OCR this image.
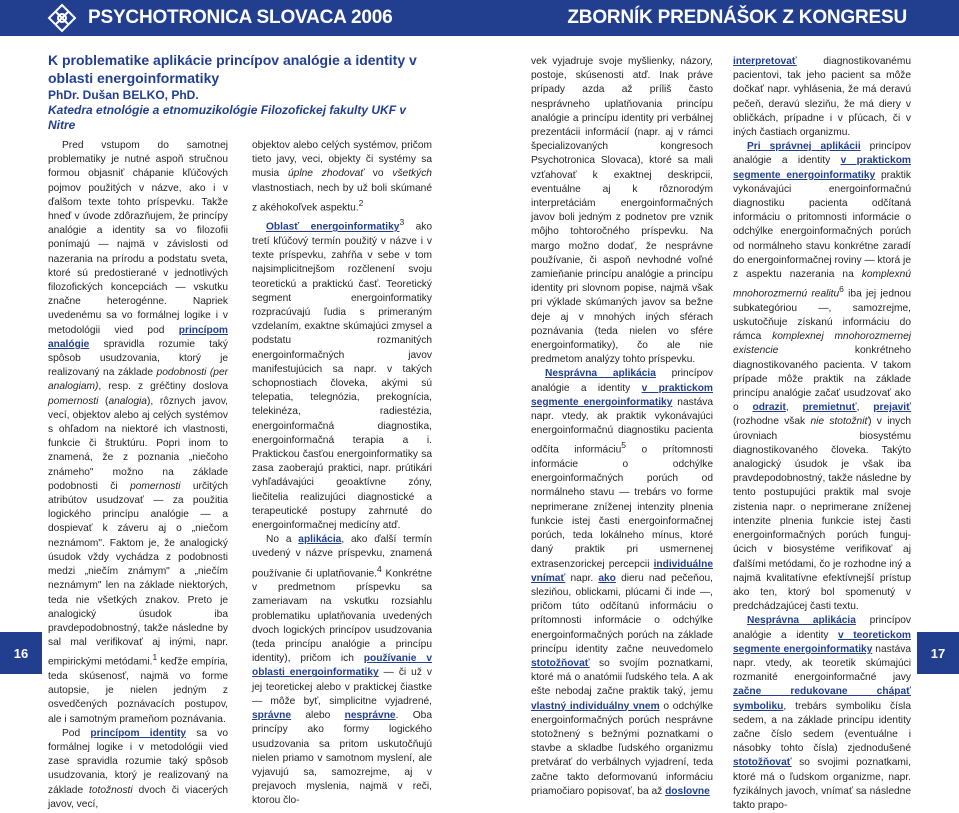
PSYCHOTRONICA SLOVACA 2006	ZBORNÍK PREDNÁŠOK Z KONGRESU
K problematike aplikácie princípov analógie a identity v oblasti energoinformatiky
PhDr. Dušan BELKO, PhD.
Katedra etnológie a etnomuzikológie Filozofickej fakulty UKF v Nitre

Pred vstupom do samotnej problematiky je nutné aspoň stručnou formou objasniť chápanie kľúčových pojmov použitých v názve, ako i v ďalšom texte tohto príspevku. Takže hneď v úvode zdôrazňujem, že princípy analógie a identity sa vo filozofii ponímajú — najmä v závislosti od nazerania na prírodu a podstatu sveta, ktoré sú predostierané v jednotlivých filozofických koncepciách — vskutku značne heterogénne. Napriek uvedenému sa vo formálnej logike i v metodológii vied pod princípom analógie spravidla rozumie taký spôsob usudzovania, ktorý je realizovaný na základe podobnosti (per analogiam), resp. z gréčtiny doslova pomernosti (analogia), rôznych javov, vecí, objektov alebo aj celých systémov s ohľadom na niektoré ich vlastnosti, funkcie či štruktúru. Popri inom to znamená, že z poznania „niečoho známeho" možno na základe podobnosti či pomernosti určitých atribútov usudzovať — za použitia logického princípu analógie — a dospievať k záveru aj o „niečom neznámom". Faktom je, že analogický úsudok vždy vychádza z podobnosti medzi „niečím známym" a „niečím neznámym" len na základe niektorých, teda nie všetkých znakov. Preto je analogický úsudok iba pravdepodobnostný, takže následne by sal mal verifikovať aj inými, napr. empirickými metódami.$^1$ keďže empíria, teda skúsenosť, najmä vo forme autopsie, je nielen jedným z osvedčených poznávacích postupov, ale i samotným prameňom poznávania.

Pod princípom identity sa vo formálnej logike i v metodológii vied zase spravidla rozumie taký spôsob usudzovania, ktorý je realizovaný na základe totožnosti dvoch či viacerých javov, vecí,

objektov alebo celých systémov, pričom tieto javy, veci, objekty či systémy sa musia úplne zhodovať vo všetkých vlastnostiach, nech by už boli skúmané z akéhokoľvek aspektu.$^2$

Oblasť energoinformatiky$^3$ ako tretí kľúčový termín použitý v názve i v texte príspevku, zahŕňa v sebe v tom najsimplicitnejšom rozčlenení svoju teoretickú a praktickú časť. Teoretický segment energoinformatiky rozpracúvajú ľudia s primeraným vzdelaním, exaktne skúmajúci zmysel a podstatu rozmanitých energoinformačných javov manifestujúcich sa napr. v takých schopnostiach človeka, akými sú telepatia, telegnózia, prekognícia, telekinéza, radiestézia, energoinformačná diagnostika, energoinformačná terapia a i. Praktickou časťou energoinformatiky sa zasa zaoberajú praktici, napr. prútikári vyhľadávajúci geoaktívne zóny, liečitelia realizujúci diagnostické a terapeutické postupy zahrnuté do energoinformačnej medicíny atď.

No a aplikácia, ako ďalší termín uvedený v názve príspevku, znamená používanie či uplatňovanie.$^4$ Konkrétne v predmetnom príspevku sa zameriavam na vskutku rozsiahlu problematiku uplatňovania uvedených dvoch logických princípov usudzovania (teda princípu analógie a princípu identity), pričom ich používanie v oblasti energoinformatiky — či už v jej teoretickej alebo v praktickej čiastke — môže byť, simplicitne vyjadrené, správne alebo nesprávne. Oba princípy ako formy logického usudzovania sa pritom uskutočňujú nielen priamo v samotnom myslení, ale vyjavujú sa, samozrejme, aj v prejavoch myslenia, najmä v reči, ktorou člo-

vek vyjadruje svoje myšlienky, názory, postoje, skúsenosti atď. Inak práve prípady azda až príliš často nesprávneho uplatňovania princípu analógie a princípu identity pri verbálnej prezentácii informácií (napr. aj v rámci špecializovaných kongresoch Psychotronica Slovaca), ktoré sa mali vzťahovať k exaktnej deskripcii, eventuálne aj k rôznorodým interpretáciám energoinformačných javov boli jedným z podnetov pre vznik môjho tohtoročného príspevku. Na margo možno dodať, že nesprávne používanie, či aspoň nevhodné voľné zamieňanie princípu analógie a princípu identity pri slovnom popise, najmä však pri výklade skúmaných javov sa bežne deje aj v mnohých iných sférach poznávania (teda nielen vo sfére energoinformatiky), čo ale nie predmetom analýzy tohto príspevku.

Nesprávna aplikácia princípov analógie a identity v praktickom segmente energoinformatiky nastáva napr. vtedy, ak praktik vykonávajúci energoinformačnú diagnostiku pacienta odčíta informáciu$^5$ o prítomnosti informácie o odchýlke energoinformačných porúch od normálneho stavu — trebárs vo forme neprimerane zníženej intenzity plnenia funkcie istej časti energoinformačnej porúch, teda lokálneho mínus, ktoré daný praktik pri usmernenej extrasenzorickej percepcii individuálne vnímať napr. ako dieru nad pečeňou, sleziňou, oblickami, plúcami či inde —, pričom túto odčítanú informáciu o prítomnosti informácie o odchýlke energoinformačných porúch na základe princípu identity začne neuvedomelo stotožňovať so svojím poznatkami, ktoré má o anatómii ľudského tela. A ak ešte nebodaj začne praktik taký, jemu vlastný individuálny vnem o odchýlke energoinformačných porúch nesprávne stotožnený s bežnými poznatkami o stavbe a skladbe ľudského organizmu pretvárať do verbálnych vyjadrení, teda začne takto deformovanú informáciu priamočiaro popisovať, ba až doslovne

interpretovať diagnostikovanému pacientovi, tak jeho pacient sa môže dočkať napr. vyhlásenia, že má deravú pečeň, deravú sleziňu, že má diery v obličkách, prípadne i v pľúcach, či v iných častiach organizmu.

Pri správnej aplikácii princípov analógie a identity v praktickom segmente energoinformatiky praktik vykonávajúci energoinformačnú diagnostiku pacienta odčítaná informáciu o pritomnosti informácie o odchýlke energoinformačných porúch od normálneho stavu konkrétne zaradí do energoinformačnej roviny — ktorá je z aspektu nazerania na komplexnú mnohorozmernú realitu$^6$ iba jej jednou subkategóriou —, samozrejme, uskutočňuje získanú informáciu do rámca komplexnej mnohorozmernej existencie konkrétneho diagnostikovaného pacienta. V takom prípade môže praktik na základe princípu analógie začať usudzovať ako o odrazit, premietnuť, prejaviť (rozhodne však nie stotožniť) v inych úrovniach biosystému diagnostikovaného človeka. Takýto analogický úsudok je však iba pravdepodobnostný, takže následne by tento postupujúci praktik mal svoje zistenia napr. o neprimerane zníženej intenzite plnenia funkcie istej časti energoinformačných porúch fungujúcich v biosystéme verifikovať aj ďalšími metódami, čo je rozhodne iný a najmä kvalitatívne efektívnejší prístup ako ten, ktorý bol spomenutý v predchádzajúcej časti textu.

Nesprávna aplikácia princípov analógie a identity v teoretickom segmente energoinformatiky nastáva napr. vtedy, ak teoretik skúmajúci rozmanité energoinformačné javy začne redukovane chápať symboliku, trebárs symboliku čísla sedem, a na základe princípu identity začne číslo sedem (eventuálne i násobky tohto čísla) zjednodušené stotožňovať so svojimi poznatkami, ktoré má o ľudskom organizme, napr. fyzikálnych javoch, vnímať sa následne takto prapo-

16	17
